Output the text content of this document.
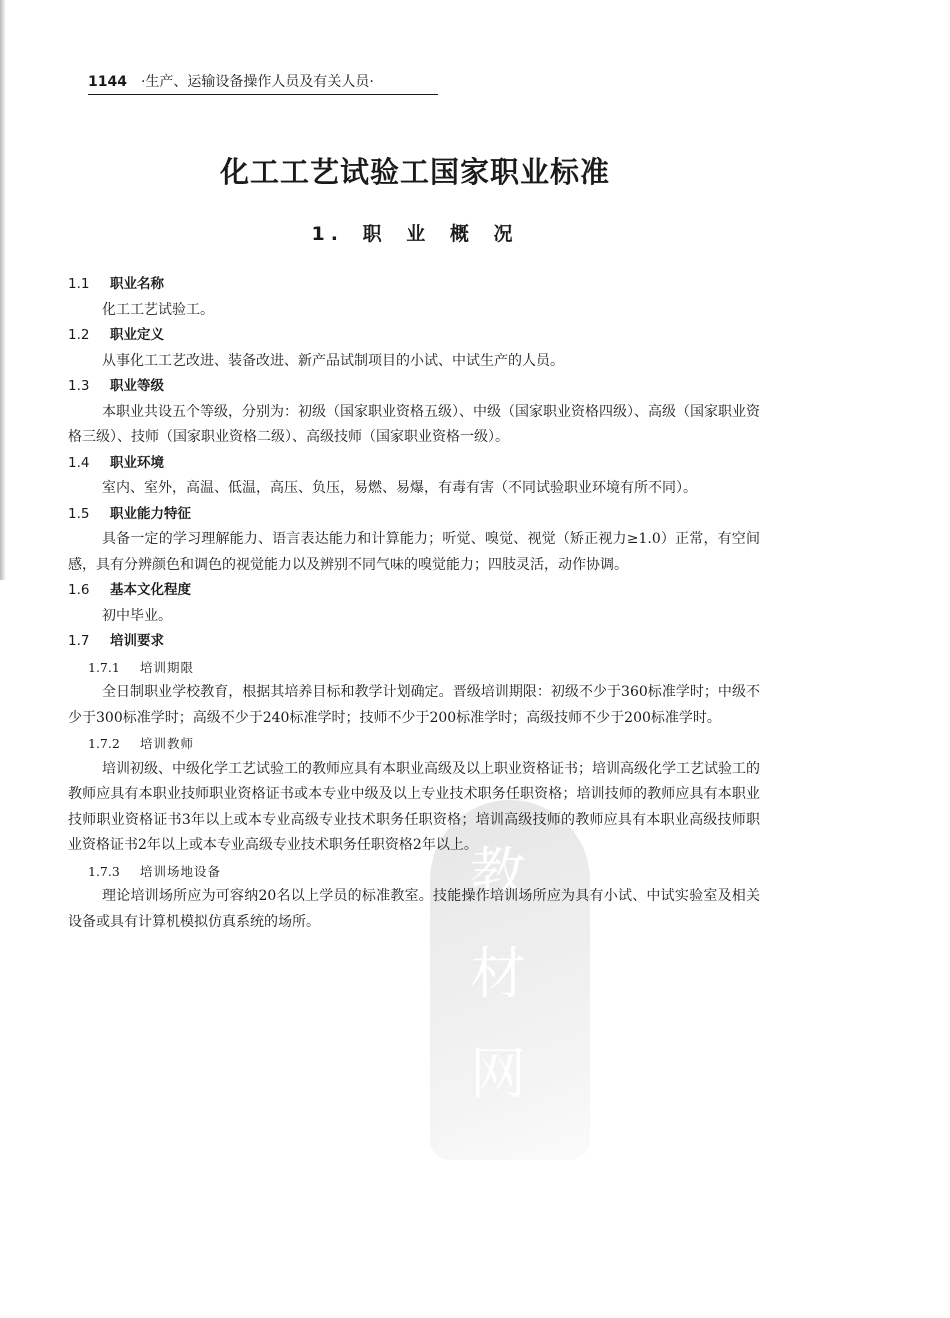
教
材
网
1144 ·生产、运输设备操作人员及有关人员·
化工工艺试验工国家职业标准
1. 职 业 概 况
1.1 职业名称
化工工艺试验工。
1.2 职业定义
从事化工工艺改进、装备改进、新产品试制项目的小试、中试生产的人员。
1.3 职业等级
本职业共设五个等级，分别为：初级（国家职业资格五级）、中级（国家职业资格四级）、高级（国家职业资格三级）、技师（国家职业资格二级）、高级技师（国家职业资格一级）。
1.4 职业环境
室内、室外，高温、低温，高压、负压，易燃、易爆，有毒有害（不同试验职业环境有所不同）。
1.5 职业能力特征
具备一定的学习理解能力、语言表达能力和计算能力；听觉、嗅觉、视觉（矫正视力≥1.0）正常，有空间感，具有分辨颜色和调色的视觉能力以及辨别不同气味的嗅觉能力；四肢灵活，动作协调。
1.6 基本文化程度
初中毕业。
1.7 培训要求
1.7.1 培训期限
全日制职业学校教育，根据其培养目标和教学计划确定。晋级培训期限：初级不少于360标准学时；中级不少于300标准学时；高级不少于240标准学时；技师不少于200标准学时；高级技师不少于200标准学时。
1.7.2 培训教师
培训初级、中级化学工艺试验工的教师应具有本职业高级及以上职业资格证书；培训高级化学工艺试验工的教师应具有本职业技师职业资格证书或本专业中级及以上专业技术职务任职资格；培训技师的教师应具有本职业技师职业资格证书3年以上或本专业高级专业技术职务任职资格；培训高级技师的教师应具有本职业高级技师职业资格证书2年以上或本专业高级专业技术职务任职资格2年以上。
1.7.3 培训场地设备
理论培训场所应为可容纳20名以上学员的标准教室。技能操作培训场所应为具有小试、中试实验室及相关设备或具有计算机模拟仿真系统的场所。
